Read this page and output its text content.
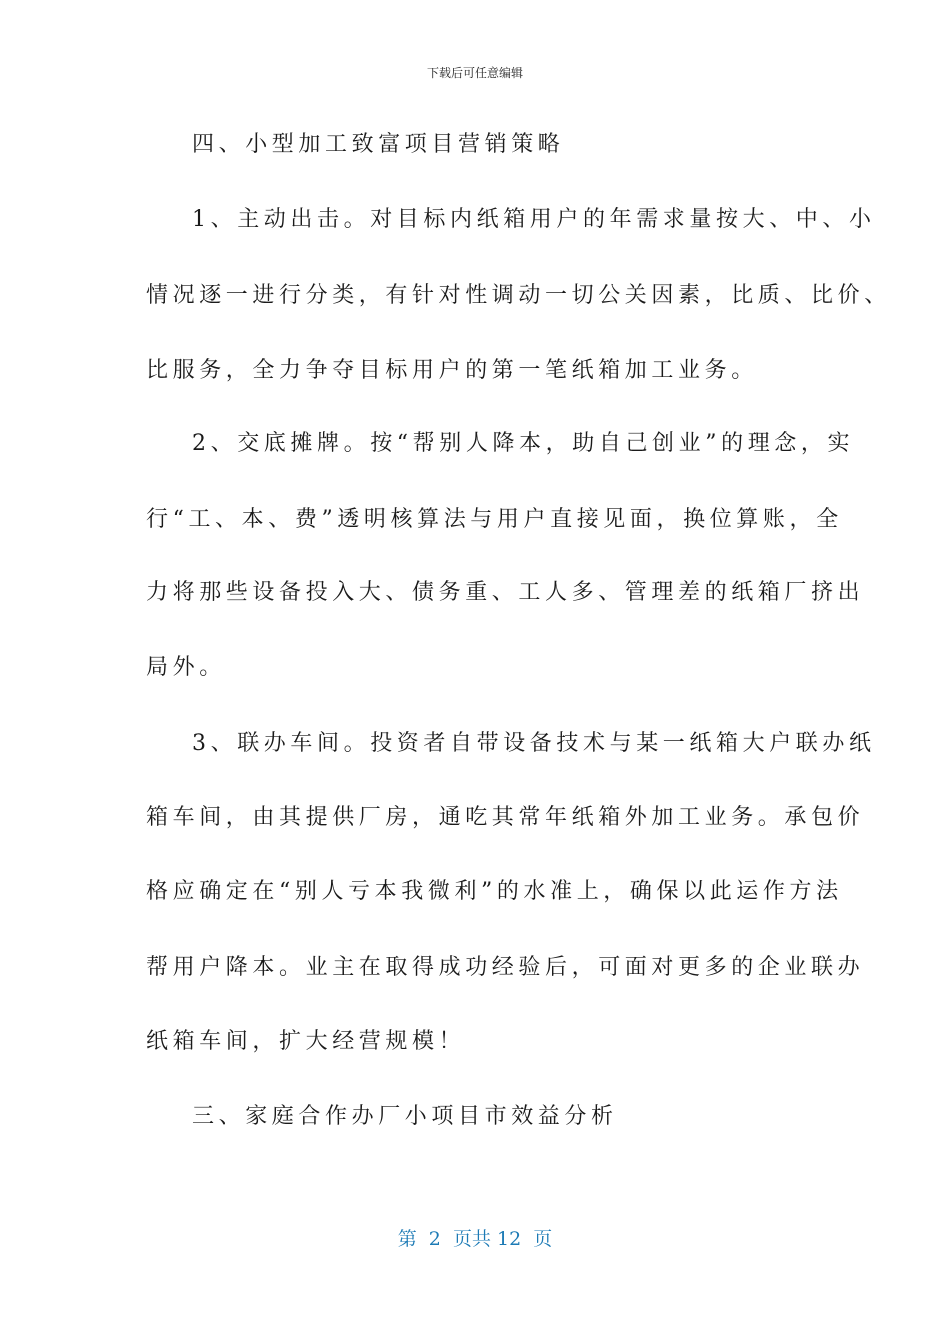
下载后可任意编辑
四、小型加工致富项目营销策略
1、主动出击。对目标内纸箱用户的年需求量按大、中、小
情况逐一进行分类，有针对性调动一切公关因素，比质、比价、
比服务，全力争夺目标用户的第一笔纸箱加工业务。
2、交底摊牌。按“帮别人降本，助自己创业”的理念，实
行“工、本、费”透明核算法与用户直接见面，换位算账，全
力将那些设备投入大、债务重、工人多、管理差的纸箱厂挤出
局外。
3、联办车间。投资者自带设备技术与某一纸箱大户联办纸
箱车间，由其提供厂房，通吃其常年纸箱外加工业务。承包价
格应确定在“别人亏本我微利”的水准上，确保以此运作方法
帮用户降本。业主在取得成功经验后，可面对更多的企业联办
纸箱车间，扩大经营规模！
三、家庭合作办厂小项目市效益分析
第  2  页共 12  页
